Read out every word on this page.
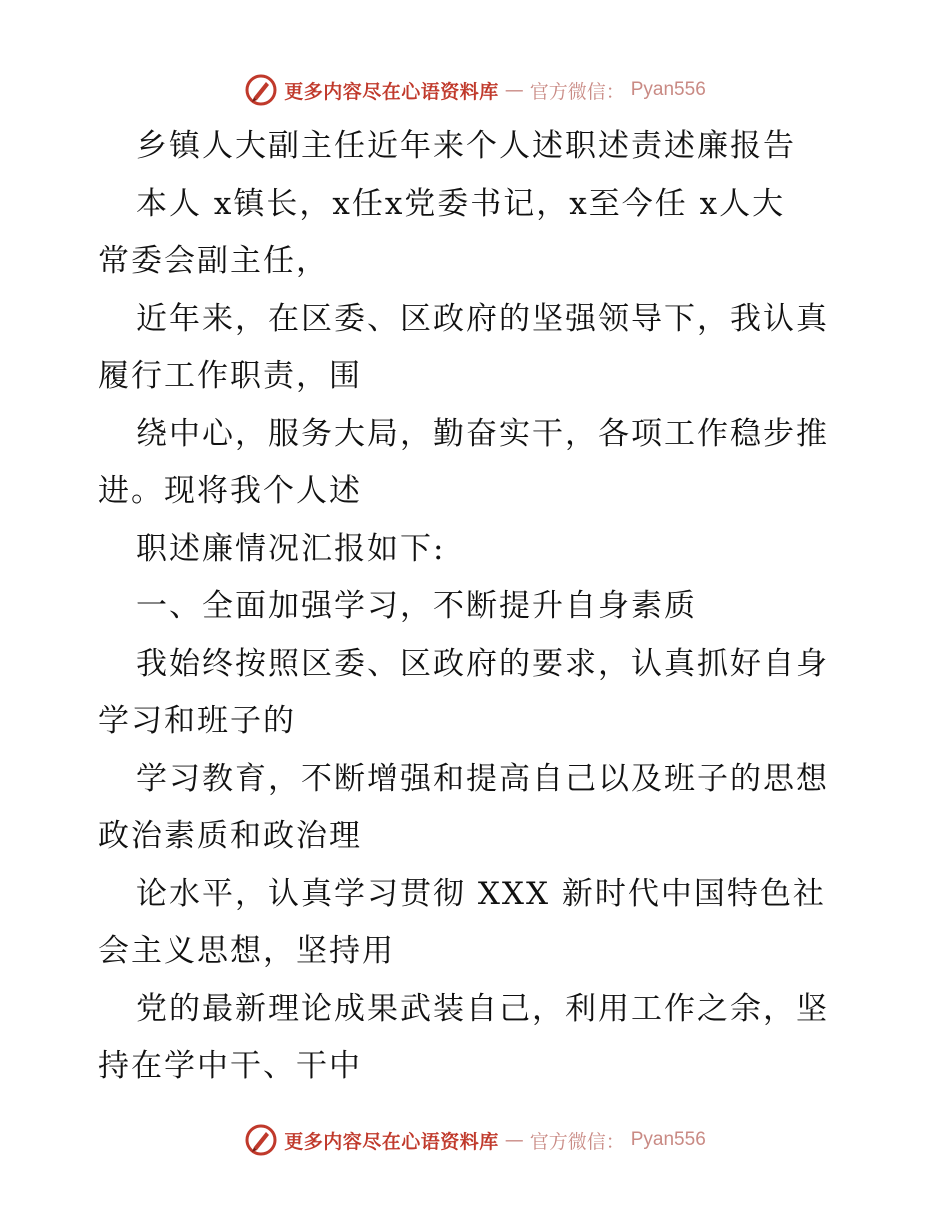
更多内容尽在心语资料库 — 官方微信： Pyan556
乡镇人大副主任近年来个人述职述责述廉报告
本人 x镇长，x任x党委书记，x至今任 x人大
常委会副主任，
近年来，在区委、区政府的坚强领导下，我认真
履行工作职责，围
绕中心，服务大局，勤奋实干，各项工作稳步推
进。现将我个人述
职述廉情况汇报如下:
一、全面加强学习，不断提升自身素质
我始终按照区委、区政府的要求，认真抓好自身
学习和班子的
学习教育，不断增强和提高自己以及班子的思想
政治素质和政治理
论水平，认真学习贯彻 XXX 新时代中国特色社
会主义思想，坚持用
党的最新理论成果武装自己，利用工作之余，坚
持在学中干、干中
更多内容尽在心语资料库 — 官方微信： Pyan556
